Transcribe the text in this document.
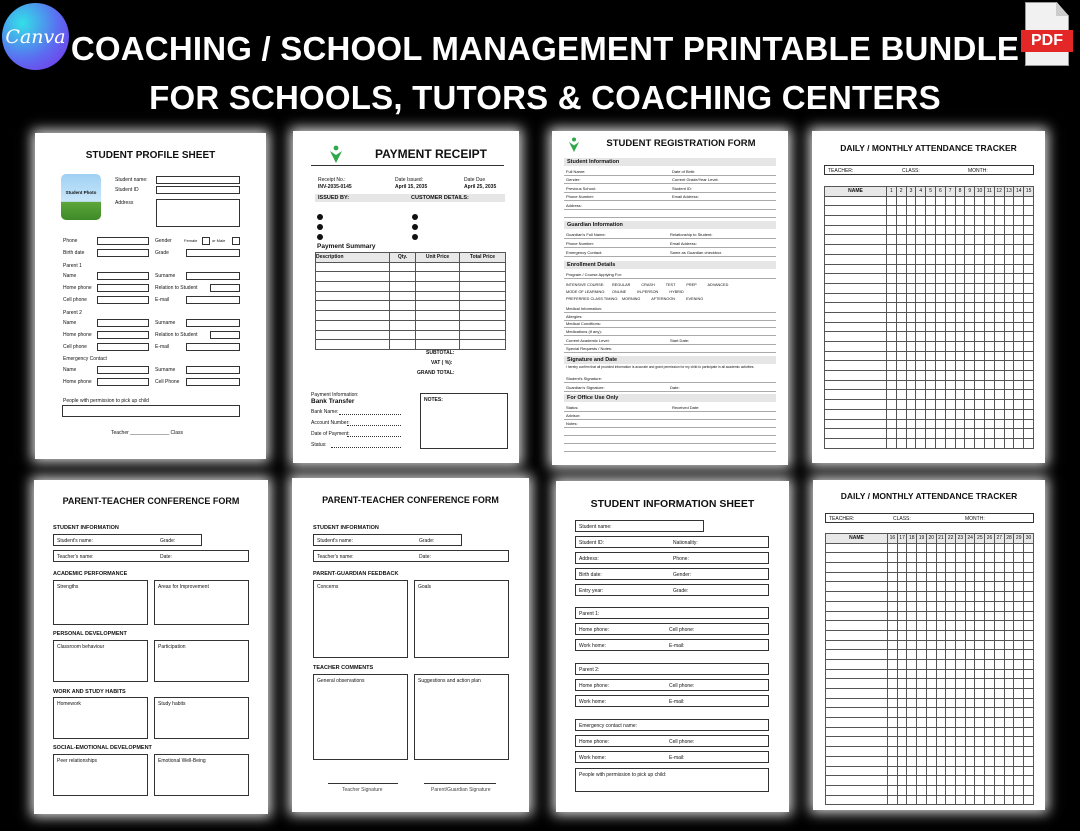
Canva	PDF
COACHING / SCHOOL MANAGEMENT PRINTABLE BUNDLE
FOR SCHOOLS, TUTORS & COACHING CENTERS
STUDENT PROFILE SHEET
Student Photo
Student name:
Student ID
Address
Phone	Gender	Female	or Male
Birth date	Grade
Parent 1
Name	Surname
Home phone	Relation to Student
Cell phone	E-mail
Parent 2
Name	Surname
Home phone	Relation to Student
Cell phone	E-mail
Emergency Contact
Name	Surname
Home phone	Cell Phone
People with permission to pick up child
Teacher ______________ Class
PAYMENT RECEIPT
Receipt No.:
INV-2035-0145
Date Issued:
April 15, 2035
Date Due
April 25, 2035
ISSUED BY:	CUSTOMER DETAILS:
Payment Summary
Description	Qty.	Unit Price	Total Price

SUBTOTAL:
VAT ( %):
GRAND TOTAL:
Payment Information:
Bank Transfer
Bank Name:
Account Number:
Date of Payment:
Status:
NOTES:
STUDENT REGISTRATION FORM
Student Information
Full Name:	Date of Birth:
Gender:	Current Grade/Year Level:
Previous School:	Student ID:
Phone Number:	Email Address:
Address:
Guardian Information
Guardian's Full Name:	Relationship to Student:
Phone Number:	Email Address:
Emergency Contact:	Same as Guardian checkbox
Enrollment Details
Program / Course Applying For:
INTENSIVE COURSE: REGULAR CRASH TEST PREP ADVANCED
MODE OF LEARNING: ONLINE IN-PERSON HYBRID
PREFERRED CLASS TIMING: MORNING AFTERNOON EVENING
Medical Information:
Allergies:
Medical Conditions:
Medications (if any):
Current Academic Level:	Start Date:
Special Requests / Notes:
Signature and Date
I hereby confirm that all provided information is accurate and grant permission for my child to participate in all academic activities.
Student's Signature:
Guardian's Signature:	Date:
For Office Use Only
Status:	Received Date:
Advisor:
Notes:
DAILY / MONTHLY ATTENDANCE TRACKER
TEACHER:	CLASS:	MONTH:
NAME	1	2	3	4	5	6	7	8	9	10	11	12	13	14	15

PARENT-TEACHER CONFERENCE FORM
STUDENT INFORMATION
Student's name:	Grade:
Teacher's name:	Date:
ACADEMIC PERFORMANCE
Strengths	Areas for Improvement
PERSONAL DEVELOPMENT
Classroom behaviour	Participation
WORK AND STUDY HABITS
Homework	Study habits
SOCIAL-EMOTIONAL DEVELOPMENT
Peer relationships	Emotional Well-Being
PARENT-TEACHER CONFERENCE FORM
STUDENT INFORMATION
Student's name:	Grade:
Teacher's name:	Date:
PARENT-GUARDIAN FEEDBACK
Concerns	Goals
TEACHER COMMENTS
General observations	Suggestions and action plan
Teacher Signature	Parent/Guardian Signature
STUDENT INFORMATION SHEET
Student name:
Student ID:	Nationality:
Address:	Phone:
Birth date:	Gender:
Entry year:	Grade:
Parent 1:
Home phone:	Cell phone:
Work home:	E-mail:
Parent 2:
Home phone:	Cell phone:
Work home:	E-mail:
Emergency contact name:
Home phone:	Cell phone:
Work home:	E-mail:
People with permission to pick up child:
DAILY / MONTHLY ATTENDANCE TRACKER
TEACHER:	CLASS:	MONTH:
NAME	16	17	18	19	20	21	22	23	24	25	26	27	28	29	30
